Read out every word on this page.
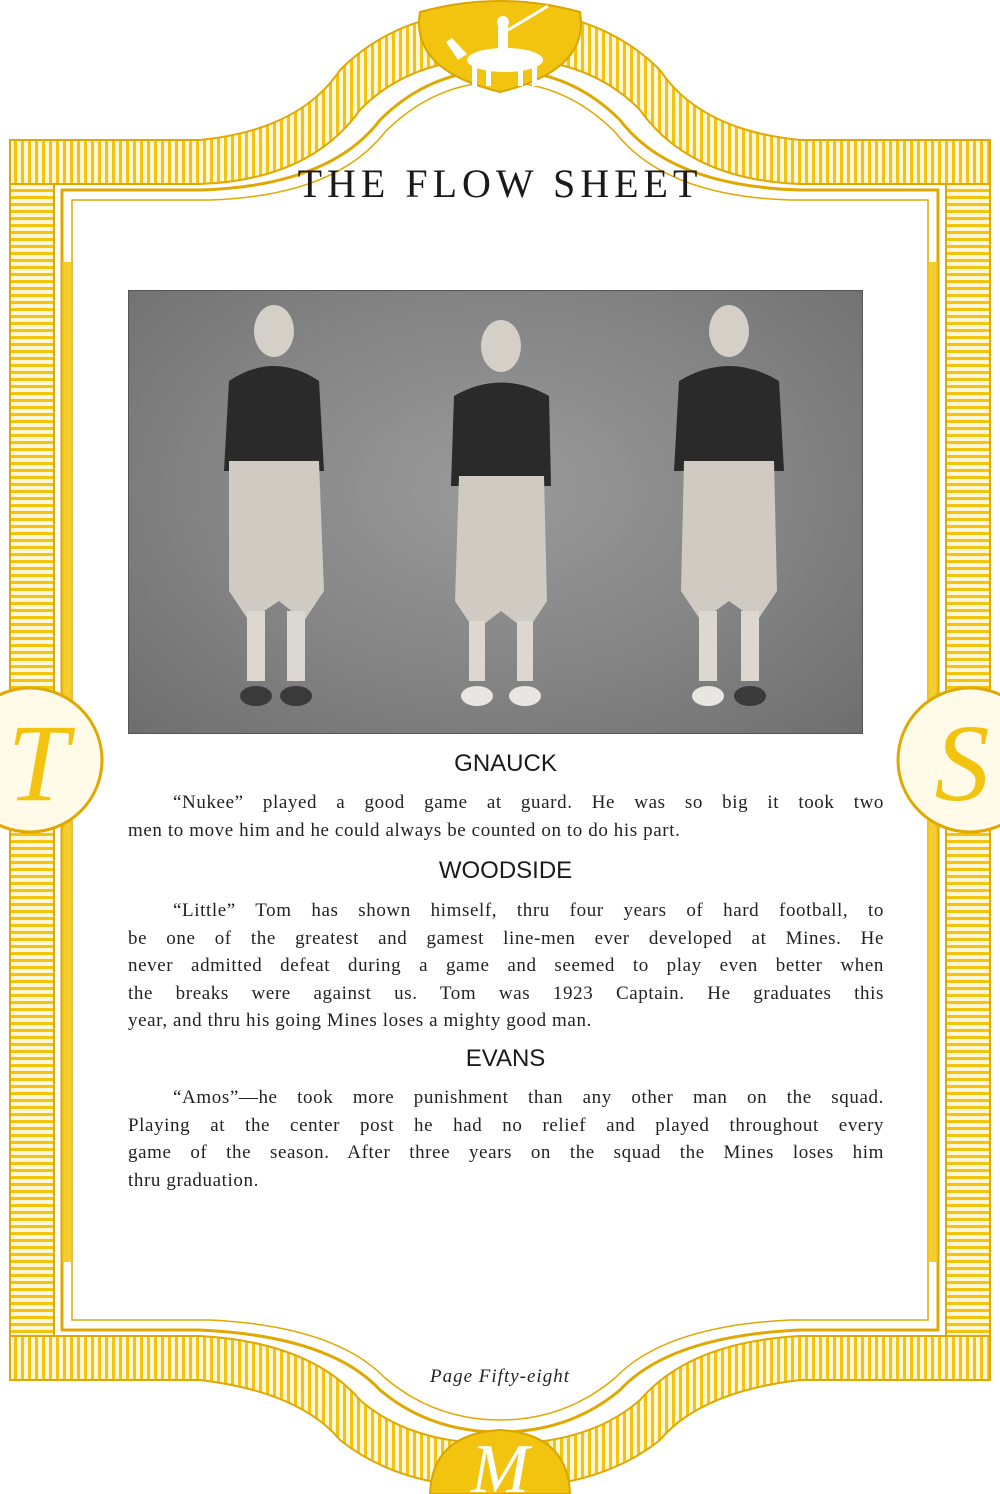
T	S
M
THE FLOW SHEET
GNAUCK
“Nukee” played a good game at guard. He was so big it took two
men to move him and he could always be counted on to do his part.
WOODSIDE
“Little” Tom has shown himself, thru four years of hard football, to
be one of the greatest and gamest line-men ever developed at Mines. He
never admitted defeat during a game and seemed to play even better when
the breaks were against us. Tom was 1923 Captain. He graduates this
year, and thru his going Mines loses a mighty good man.
EVANS
“Amos”—he took more punishment than any other man on the squad.
Playing at the center post he had no relief and played throughout every
game of the season. After three years on the squad the Mines loses him
thru graduation.
Page Fifty-eight
